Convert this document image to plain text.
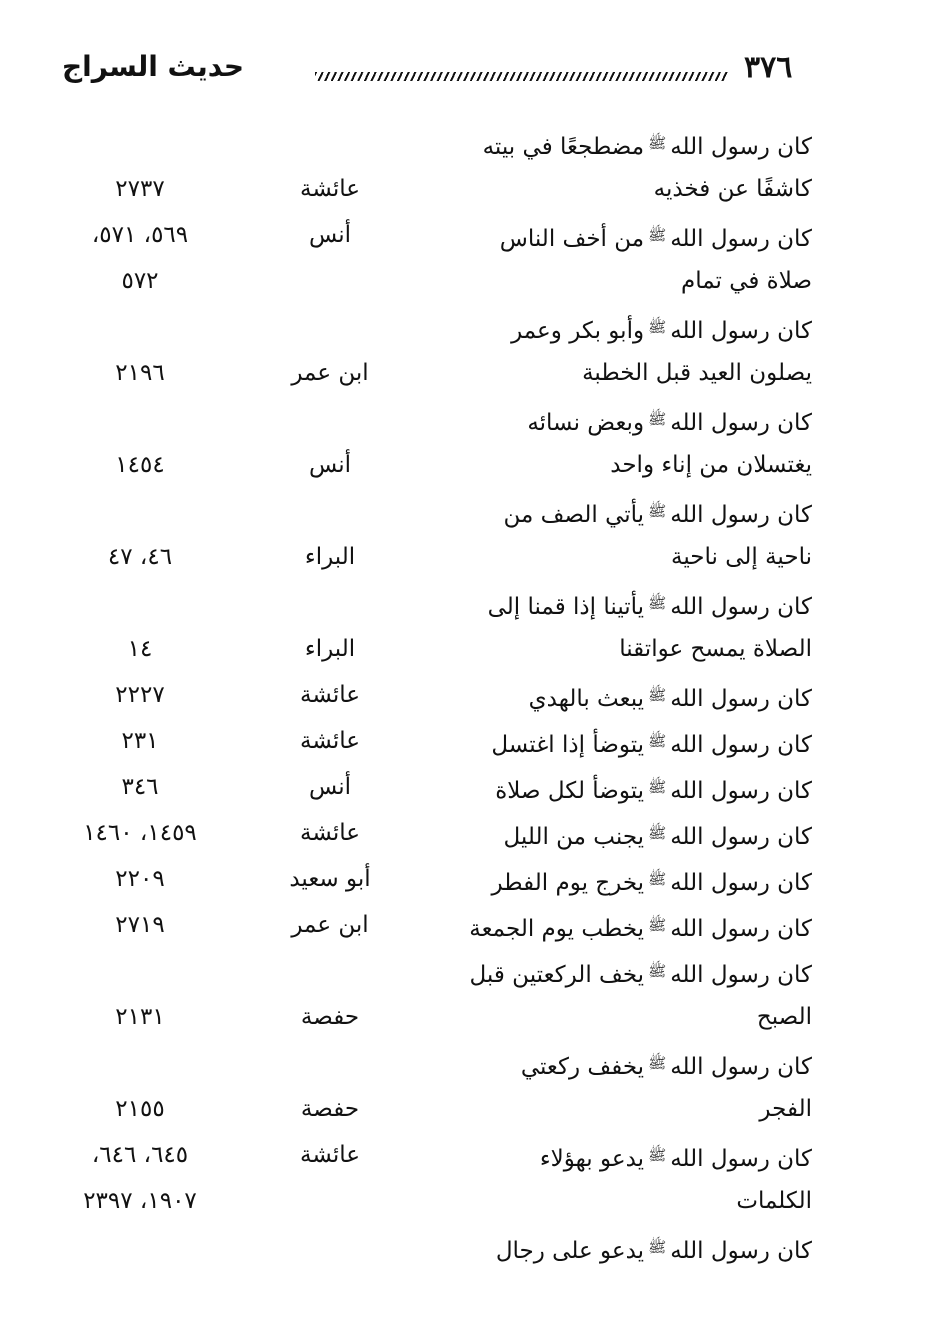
حديث السراج	٣٧٦
كان رسول اللهﷺمضطجعًا في بيته
كاشفًا عن فخذيه
عائشة
٢٧٣٧
كان رسول اللهﷺمن أخف الناس
أنس
٥٦٩، ٥٧١،
صلاة في تمام
٥٧٢
كان رسول اللهﷺوأبو بكر وعمر
يصلون العيد قبل الخطبة
ابن عمر
٢١٩٦
كان رسول اللهﷺوبعض نسائه
يغتسلان من إناء واحد
أنس
١٤٥٤
كان رسول اللهﷺيأتي الصف من
ناحية إلى ناحية
البراء
٤٦، ٤٧
كان رسول اللهﷺيأتينا إذا قمنا إلى
الصلاة يمسح عواتقنا
البراء
١٤
كان رسول اللهﷺيبعث بالهدي
عائشة
٢٢٢٧
كان رسول اللهﷺيتوضأ إذا اغتسل
عائشة
٢٣١
كان رسول اللهﷺيتوضأ لكل صلاة
أنس
٣٤٦
كان رسول اللهﷺيجنب من الليل
عائشة
١٤٥٩، ١٤٦٠
كان رسول اللهﷺيخرج يوم الفطر
أبو سعيد
٢٢٠٩
كان رسول اللهﷺيخطب يوم الجمعة
ابن عمر
٢٧١٩
كان رسول اللهﷺيخف الركعتين قبل
الصبح
حفصة
٢١٣١
كان رسول اللهﷺيخفف ركعتي
الفجر
حفصة
٢١٥٥
كان رسول اللهﷺيدعو بهؤلاء
عائشة
٦٤٥، ٦٤٦،
الكلمات
١٩٠٧، ٢٣٩٧
كان رسول اللهﷺيدعو على رجال
